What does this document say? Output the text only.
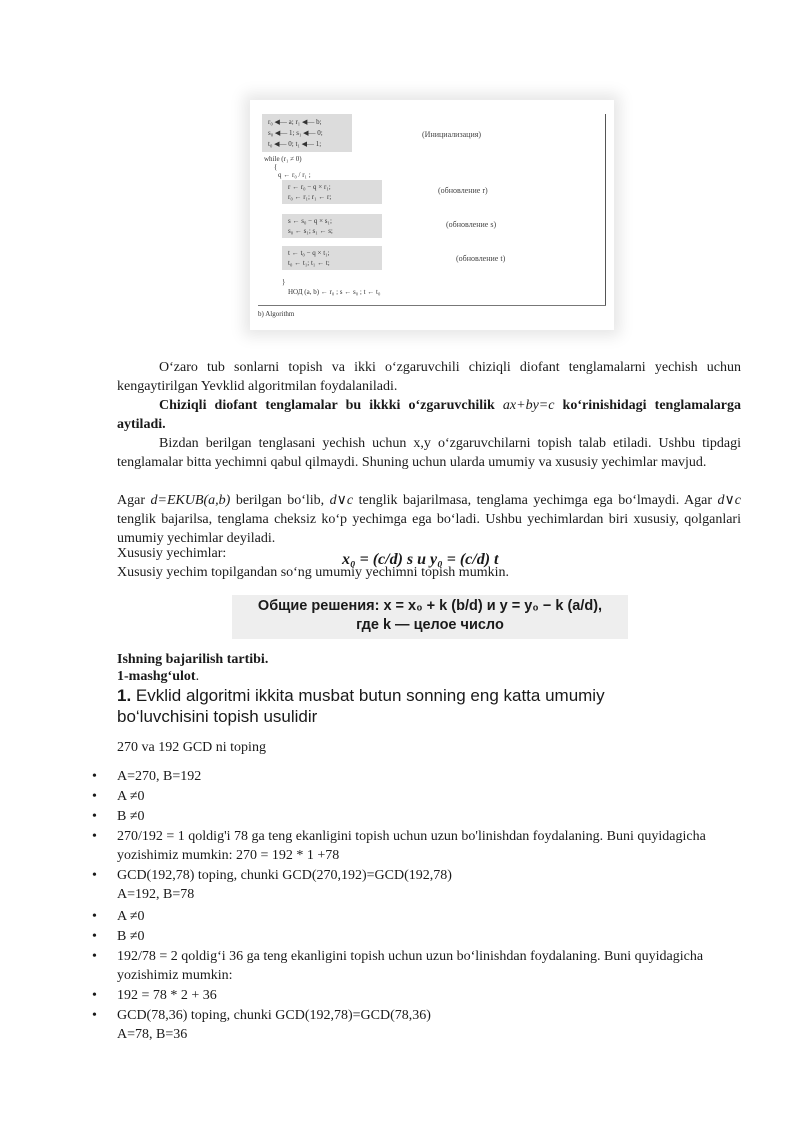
r₀ ◀— a; r₁ ◀— b;
s₀ ◀— 1; s₁ ◀— 0;
t₀ ◀— 0; t₁ ◀— 1;
(Инициализация)
while (r₁ ≠ 0)
{
q ← r₀ / r₁ ;
r ← r₀ − q × r₁;
r₀ ← r₁; r₁ ← r;
(обновление r)
s ← s₀ − q × s₁;
s₀ ← s₁; s₁ ← s;
(обновление s)
t ← t₀ − q × t₁;
t₀ ← t₁; t₁ ← t;	(обновление t)
}
НОД (a, b) ← r₀ ; s ← s₀ ; t ← t₀
b) Algorithm

O‘zaro tub sonlarni topish va ikki o‘zgaruvchili chiziqli diofant tenglamalarni yechish uchun kengaytirilgan Yevklid algoritmilan foydalaniladi.

Chiziqli diofant tenglamalar bu ikkki o‘zgaruvchilik ax+by=c ko‘rinishidagi tenglamalarga aytiladi.

Bizdan berilgan tenglasani yechish uchun x,y o‘zgaruvchilarni topish talab etiladi. Ushbu tipdagi tenglamalar bitta yechimni qabul qilmaydi. Shuning uchun ularda umumiy va xususiy yechimlar mavjud.

Agar d=EKUB(a,b) berilgan bo‘lib, d∨c tenglik bajarilmasa, tenglama yechimga ega bo‘lmaydi. Agar d∨c tenglik bajarilsa, tenglama cheksiz ko‘p yechimga ega bo‘ladi. Ushbu yechimlardan biri xususiy, qolganlari umumiy yechimlar deyiladi.

Xususiy yechimlar:	x₀ = (c/d) s и y₀ = (c/d) t

Xususiy yechim topilgandan so‘ng umumiy yechimni topish mumkin.

Общие решения: x = x₀ + k (b/d) и y = y₀ − k (a/d),
где k — целое число

Ishning bajarilish tartibi.

1-mashg‘ulot.

1. Evklid algoritmi ikkita musbat butun sonning eng katta umumiy
bo‘luvchisini topish usulidir

270 va 192 GCD ni toping

• A=270, B=192
• A ≠0
• B ≠0
• 270/192 = 1 qoldig'i 78 ga teng ekanligini topish uchun uzun bo'linishdan foydalaning. Buni quyidagicha yozishimiz mumkin: 270 = 192 * 1 +78
• GCD(192,78) toping, chunki GCD(270,192)=GCD(192,78)
A=192, B=78
• A ≠0
• B ≠0
• 192/78 = 2 qoldig‘i 36 ga teng ekanligini topish uchun uzun bo‘linishdan foydalaning. Buni quyidagicha yozishimiz mumkin:
• 192 = 78 * 2 + 36
• GCD(78,36) toping, chunki GCD(192,78)=GCD(78,36)
A=78, B=36
